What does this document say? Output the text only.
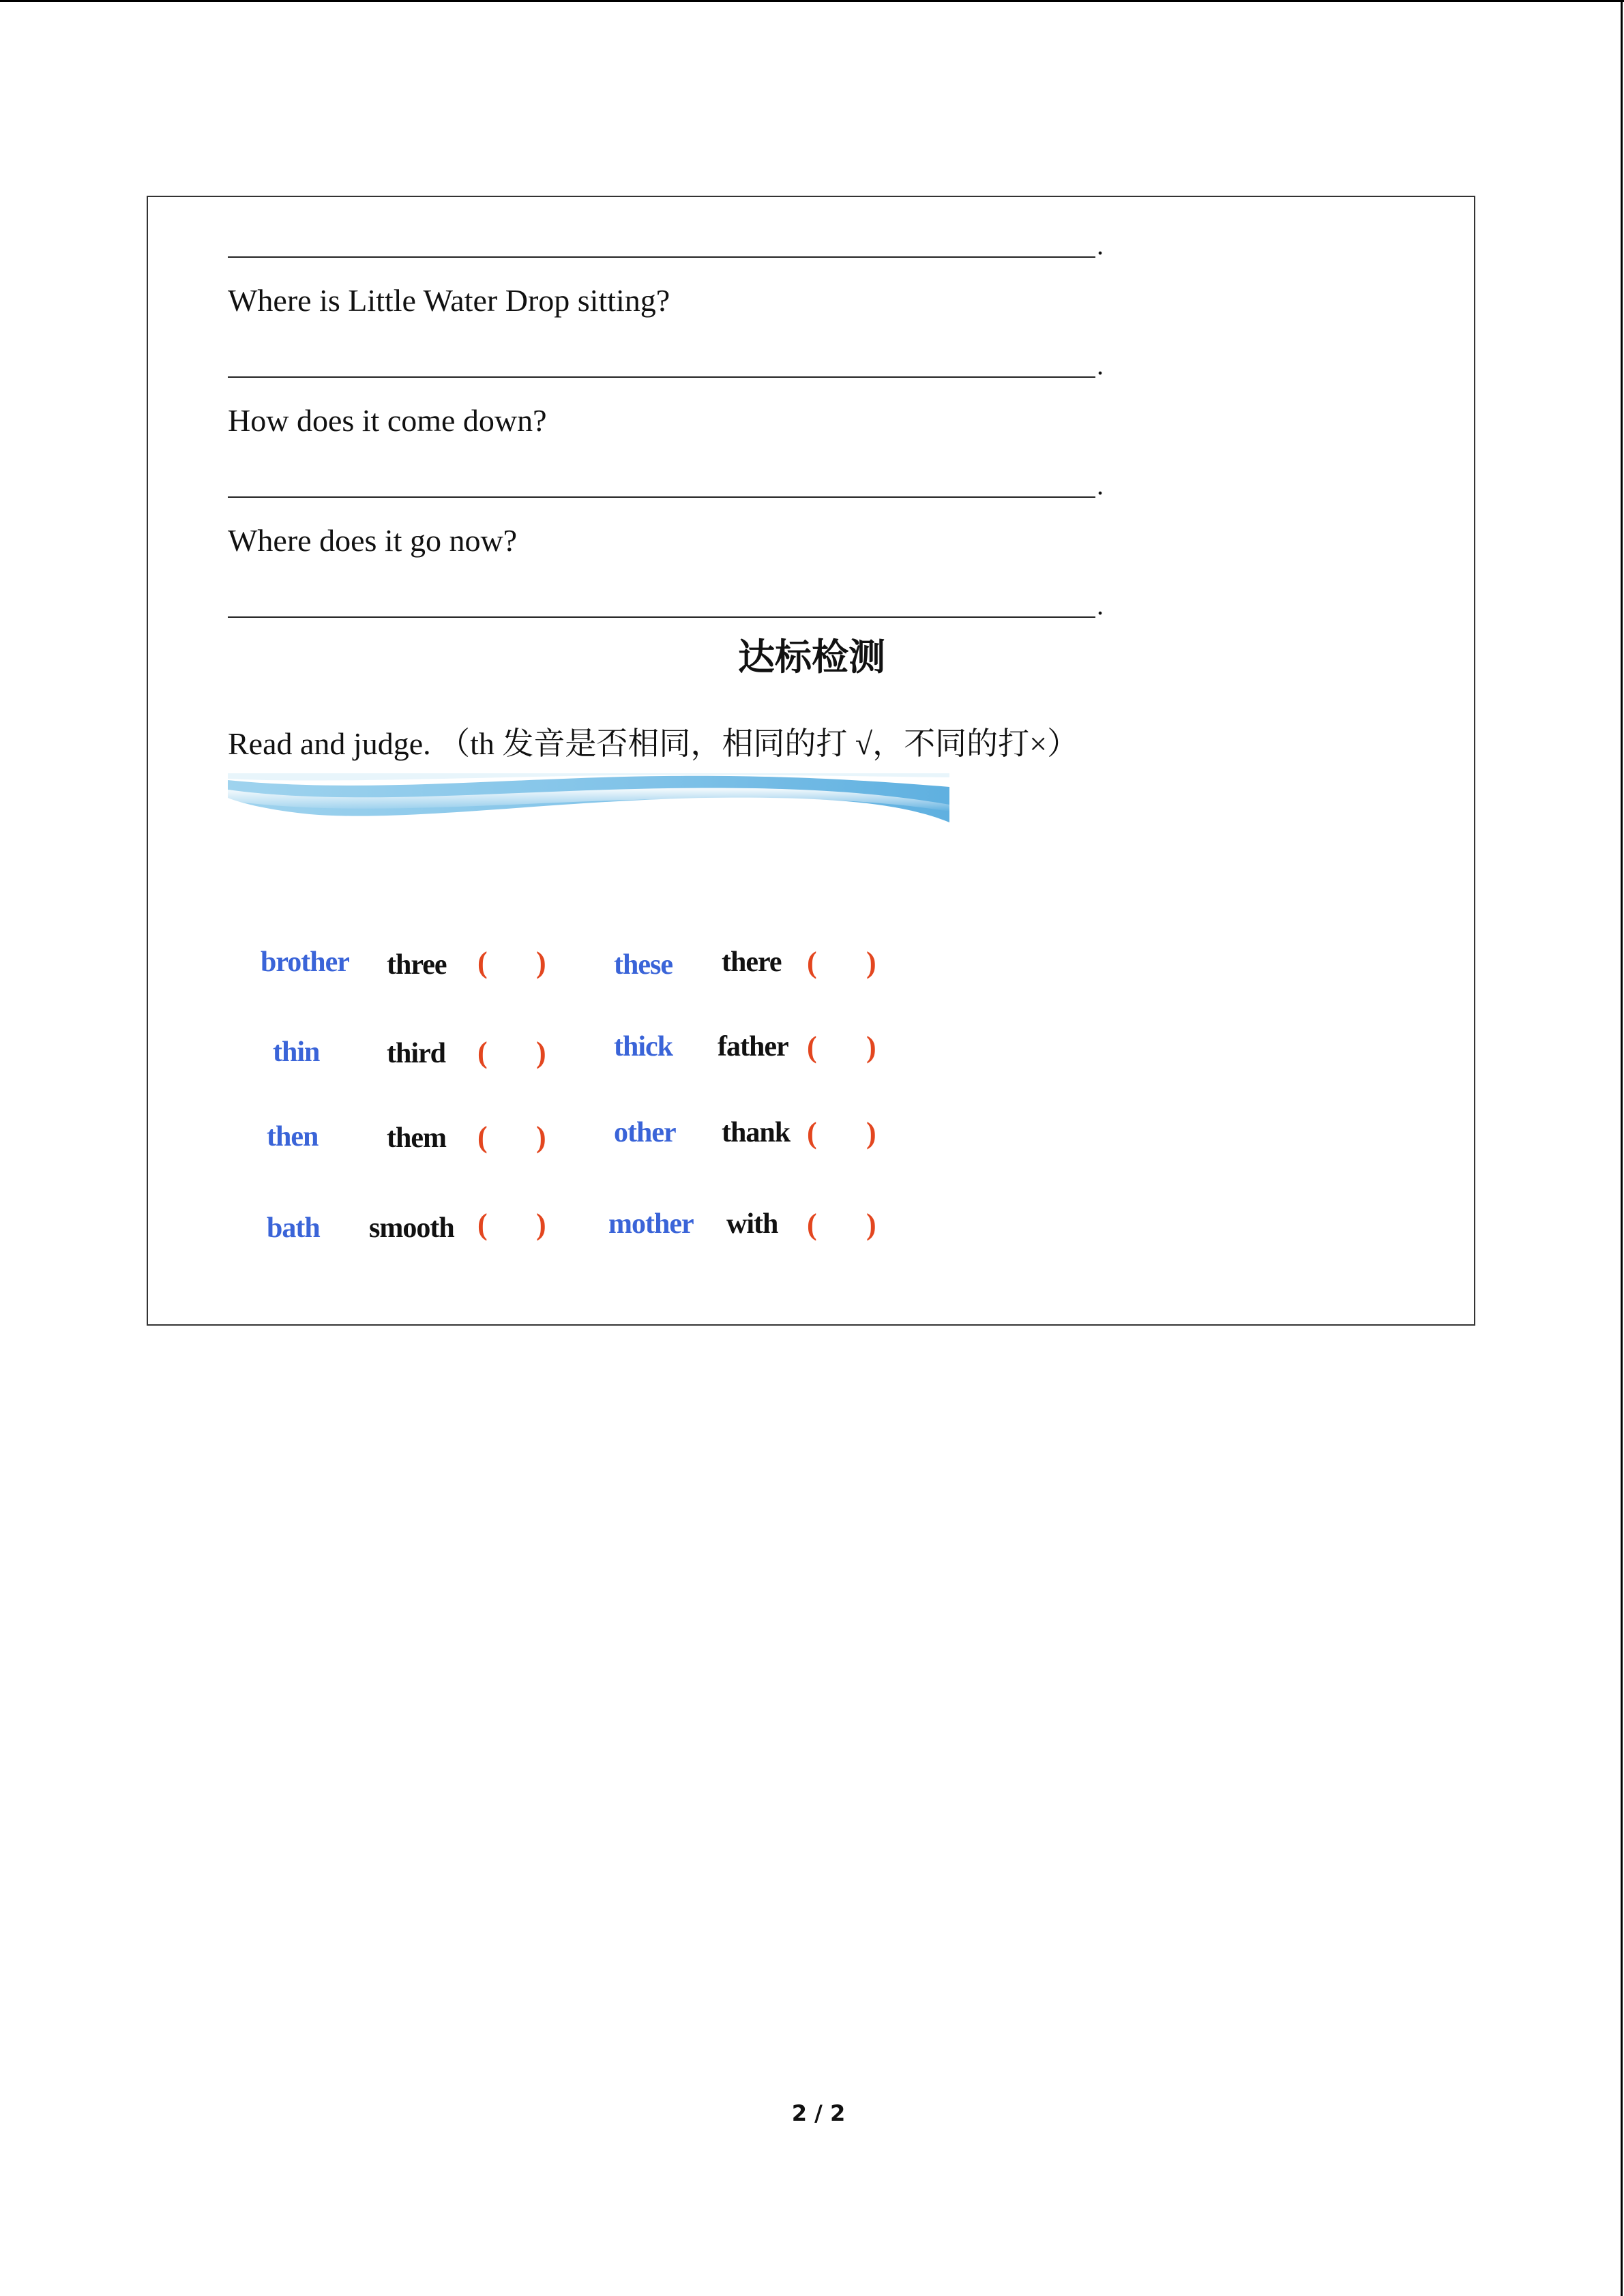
.
Where is Little Water Drop sitting?
.
How does it come down?
.
Where does it go now?
.
达标检测
Read and judge. （th 发音是否相同，相同的打 √，不同的打×）
brother three ( ) these there ( )
thin third ( ) thick father ( )
then them ( ) other thank ( )
bath smooth ( ) mother with ( )
2 / 2
